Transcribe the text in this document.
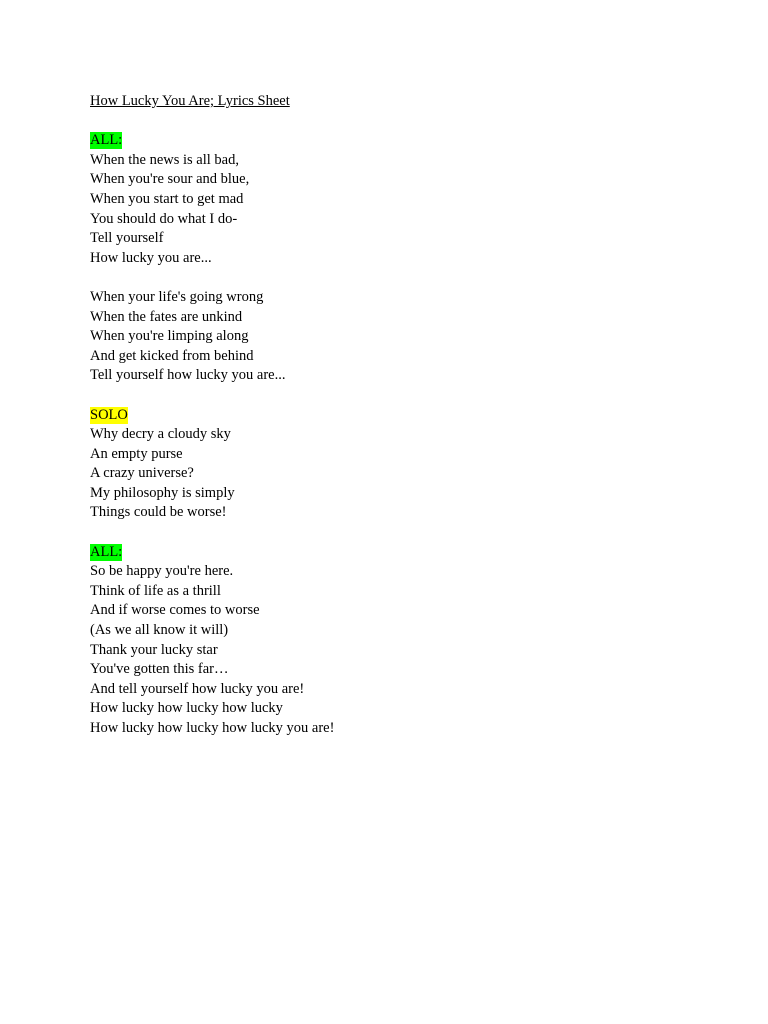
How Lucky You Are; Lyrics Sheet

ALL:

When the news is all bad,

When you're sour and blue,

When you start to get mad

You should do what I do-

Tell yourself

How lucky you are...

When your life's going wrong

When the fates are unkind

When you're limping along

And get kicked from behind

Tell yourself how lucky you are...

SOLO

Why decry a cloudy sky

An empty purse

A crazy universe?

My philosophy is simply

Things could be worse!

ALL:

So be happy you're here.

Think of life as a thrill

And if worse comes to worse

(As we all know it will)

Thank your lucky star

You've gotten this far…

And tell yourself how lucky you are!

How lucky how lucky how lucky

How lucky how lucky how lucky you are!
